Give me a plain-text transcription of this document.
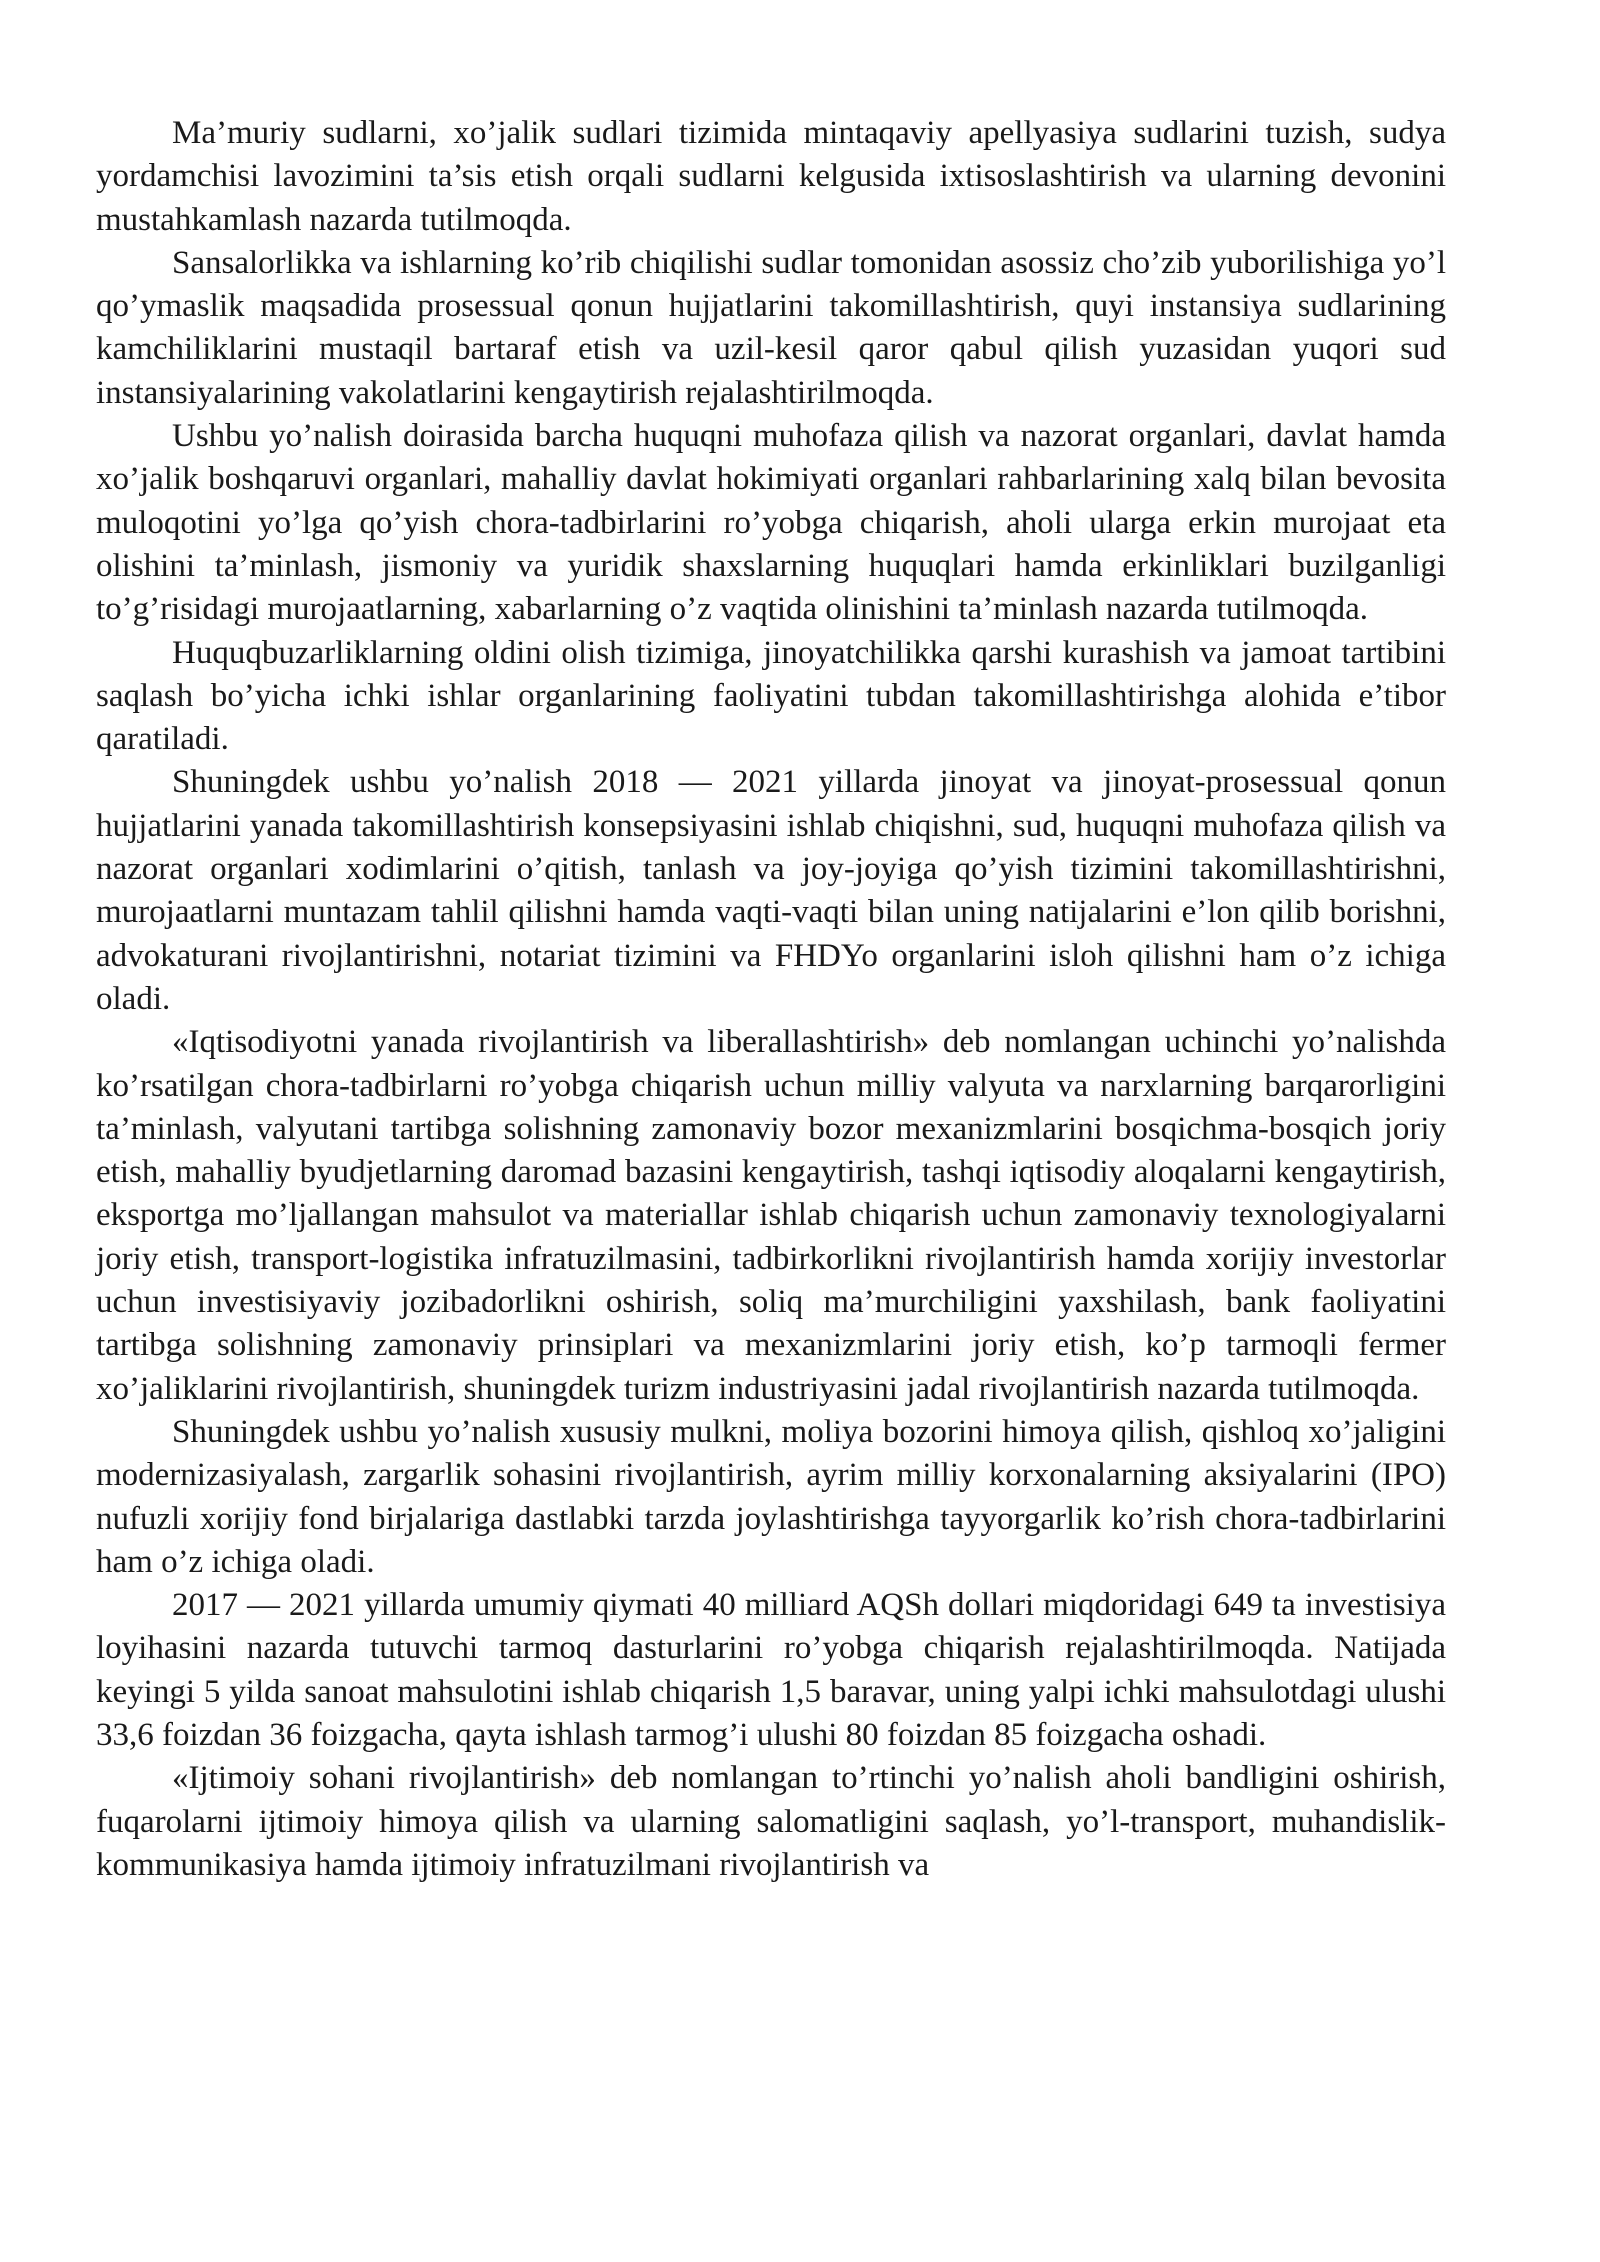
Ma’muriy sudlarni, xo’jalik sudlari tizimida mintaqaviy apellyasiya sudlarini tuzish, sudya yordamchisi lavozimini ta’sis etish orqali sudlarni kelgusida ixtisoslashtirish va ularning devonini mustahkamlash nazarda tutilmoqda.

Sansalorlikka va ishlarning ko’rib chiqilishi sudlar tomonidan asossiz cho’zib yuborilishiga yo’l qo’ymaslik maqsadida prosessual qonun hujjatlarini takomillashtirish, quyi instansiya sudlarining kamchiliklarini mustaqil bartaraf etish va uzil-kesil qaror qabul qilish yuzasidan yuqori sud instansiyalarining vakolatlarini kengaytirish rejalashtirilmoqda.

Ushbu yo’nalish doirasida barcha huquqni muhofaza qilish va nazorat organlari, davlat hamda xo’jalik boshqaruvi organlari, mahalliy davlat hokimiyati organlari rahbarlarining xalq bilan bevosita muloqotini yo’lga qo’yish chora-tadbirlarini ro’yobga chiqarish, aholi ularga erkin murojaat eta olishini ta’minlash, jismoniy va yuridik shaxslarning huquqlari hamda erkinliklari buzilganligi to’g’risidagi murojaatlarning, xabarlarning o’z vaqtida olinishini ta’minlash nazarda tutilmoqda.

Huquqbuzarliklarning oldini olish tizimiga, jinoyatchilikka qarshi kurashish va jamoat tartibini saqlash bo’yicha ichki ishlar organlarining faoliyatini tubdan takomillashtirishga alohida e’tibor qaratiladi.

Shuningdek ushbu yo’nalish 2018 — 2021 yillarda jinoyat va jinoyat-prosessual qonun hujjatlarini yanada takomillashtirish konsepsiyasini ishlab chiqishni, sud, huquqni muhofaza qilish va nazorat organlari xodimlarini o’qitish, tanlash va joy-joyiga qo’yish tizimini takomillashtirishni, murojaatlarni muntazam tahlil qilishni hamda vaqti-vaqti bilan uning natijalarini e’lon qilib borishni, advokaturani rivojlantirishni, notariat tizimini va FHDYo organlarini isloh qilishni ham o’z ichiga oladi.

«Iqtisodiyotni yanada rivojlantirish va liberallashtirish» deb nomlangan uchinchi yo’nalishda ko’rsatilgan chora-tadbirlarni ro’yobga chiqarish uchun milliy valyuta va narxlarning barqarorligini ta’minlash, valyutani tartibga solishning zamonaviy bozor mexanizmlarini bosqichma-bosqich joriy etish, mahalliy byudjetlarning daromad bazasini kengaytirish, tashqi iqtisodiy aloqalarni kengaytirish, eksportga mo’ljallangan mahsulot va materiallar ishlab chiqarish uchun zamonaviy texnologiyalarni joriy etish, transport-logistika infratuzilmasini, tadbirkorlikni rivojlantirish hamda xorijiy investorlar uchun investisiyaviy jozibadorlikni oshirish, soliq ma’murchiligini yaxshilash, bank faoliyatini tartibga solishning zamonaviy prinsiplari va mexanizmlarini joriy etish, ko’p tarmoqli fermer xo’jaliklarini rivojlantirish, shuningdek turizm industriyasini jadal rivojlantirish nazarda tutilmoqda.

Shuningdek ushbu yo’nalish xususiy mulkni, moliya bozorini himoya qilish, qishloq xo’jaligini modernizasiyalash, zargarlik sohasini rivojlantirish, ayrim milliy korxonalarning aksiyalarini (IPO) nufuzli xorijiy fond birjalariga dastlabki tarzda joylashtirishga tayyorgarlik ko’rish chora-tadbirlarini ham o’z ichiga oladi.

2017 — 2021 yillarda umumiy qiymati 40 milliard AQSh dollari miqdoridagi 649 ta investisiya loyihasini nazarda tutuvchi tarmoq dasturlarini ro’yobga chiqarish rejalashtirilmoqda. Natijada keyingi 5 yilda sanoat mahsulotini ishlab chiqarish 1,5 baravar, uning yalpi ichki mahsulotdagi ulushi 33,6 foizdan 36 foizgacha, qayta ishlash tarmog’i ulushi 80 foizdan 85 foizgacha oshadi.

«Ijtimoiy sohani rivojlantirish» deb nomlangan to’rtinchi yo’nalish aholi bandligini oshirish, fuqarolarni ijtimoiy himoya qilish va ularning salomatligini saqlash, yo’l-transport, muhandislik-kommunikasiya hamda ijtimoiy infratuzilmani rivojlantirish va
